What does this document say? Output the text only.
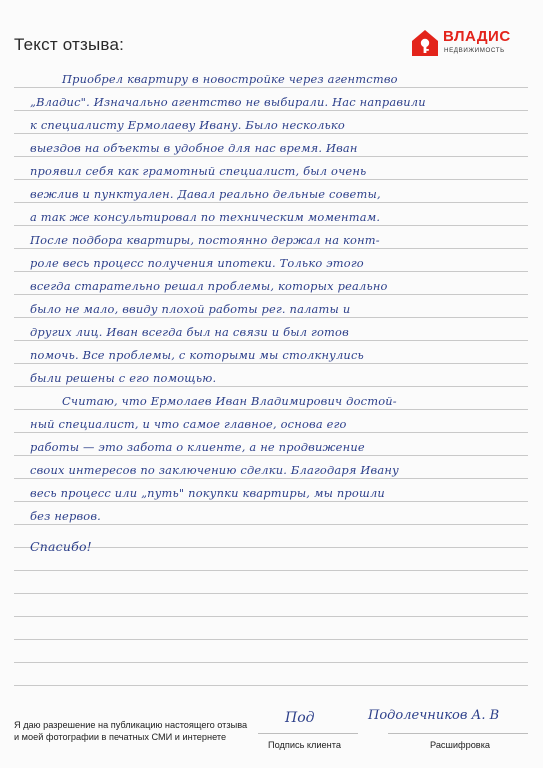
Текст отзыва:	ВЛАДИС
НЕДВИЖИМОСТЬ
Приобрел квартиру в новостройке через агентство
„Владис". Изначально агентство не выбирали. Нас направили
к специалисту Ермолаеву Ивану. Было несколько
выездов на объекты в удобное для нас время. Иван
проявил себя как грамотный специалист, был очень
вежлив и пунктуален. Давал реально дельные советы,
а так же консультировал по техническим моментам.
После подбора квартиры, постоянно держал на конт-
роле весь процесс получения ипотеки. Только этого
всегда старательно решал проблемы, которых реально
было не мало, ввиду плохой работы рег. палаты и
других лиц. Иван всегда был на связи и был готов
помочь. Все проблемы, с которыми мы столкнулись
были решены с его помощью.
Считаю, что Ермолаев Иван Владимирович достой-
ный специалист, и что самое главное, основа его
работы — это забота о клиенте, а не продвижение
своих интересов по заключению сделки. Благодаря Ивану
весь процесс или „путь" покупки квартиры, мы прошли
без нервов.
Спасибо!
Я даю разрешение на публикацию настоящего отзыва и моей фотографии в печатных СМИ и интернете
Под	Подолечников А. В
Подпись клиента	Расшифровка
